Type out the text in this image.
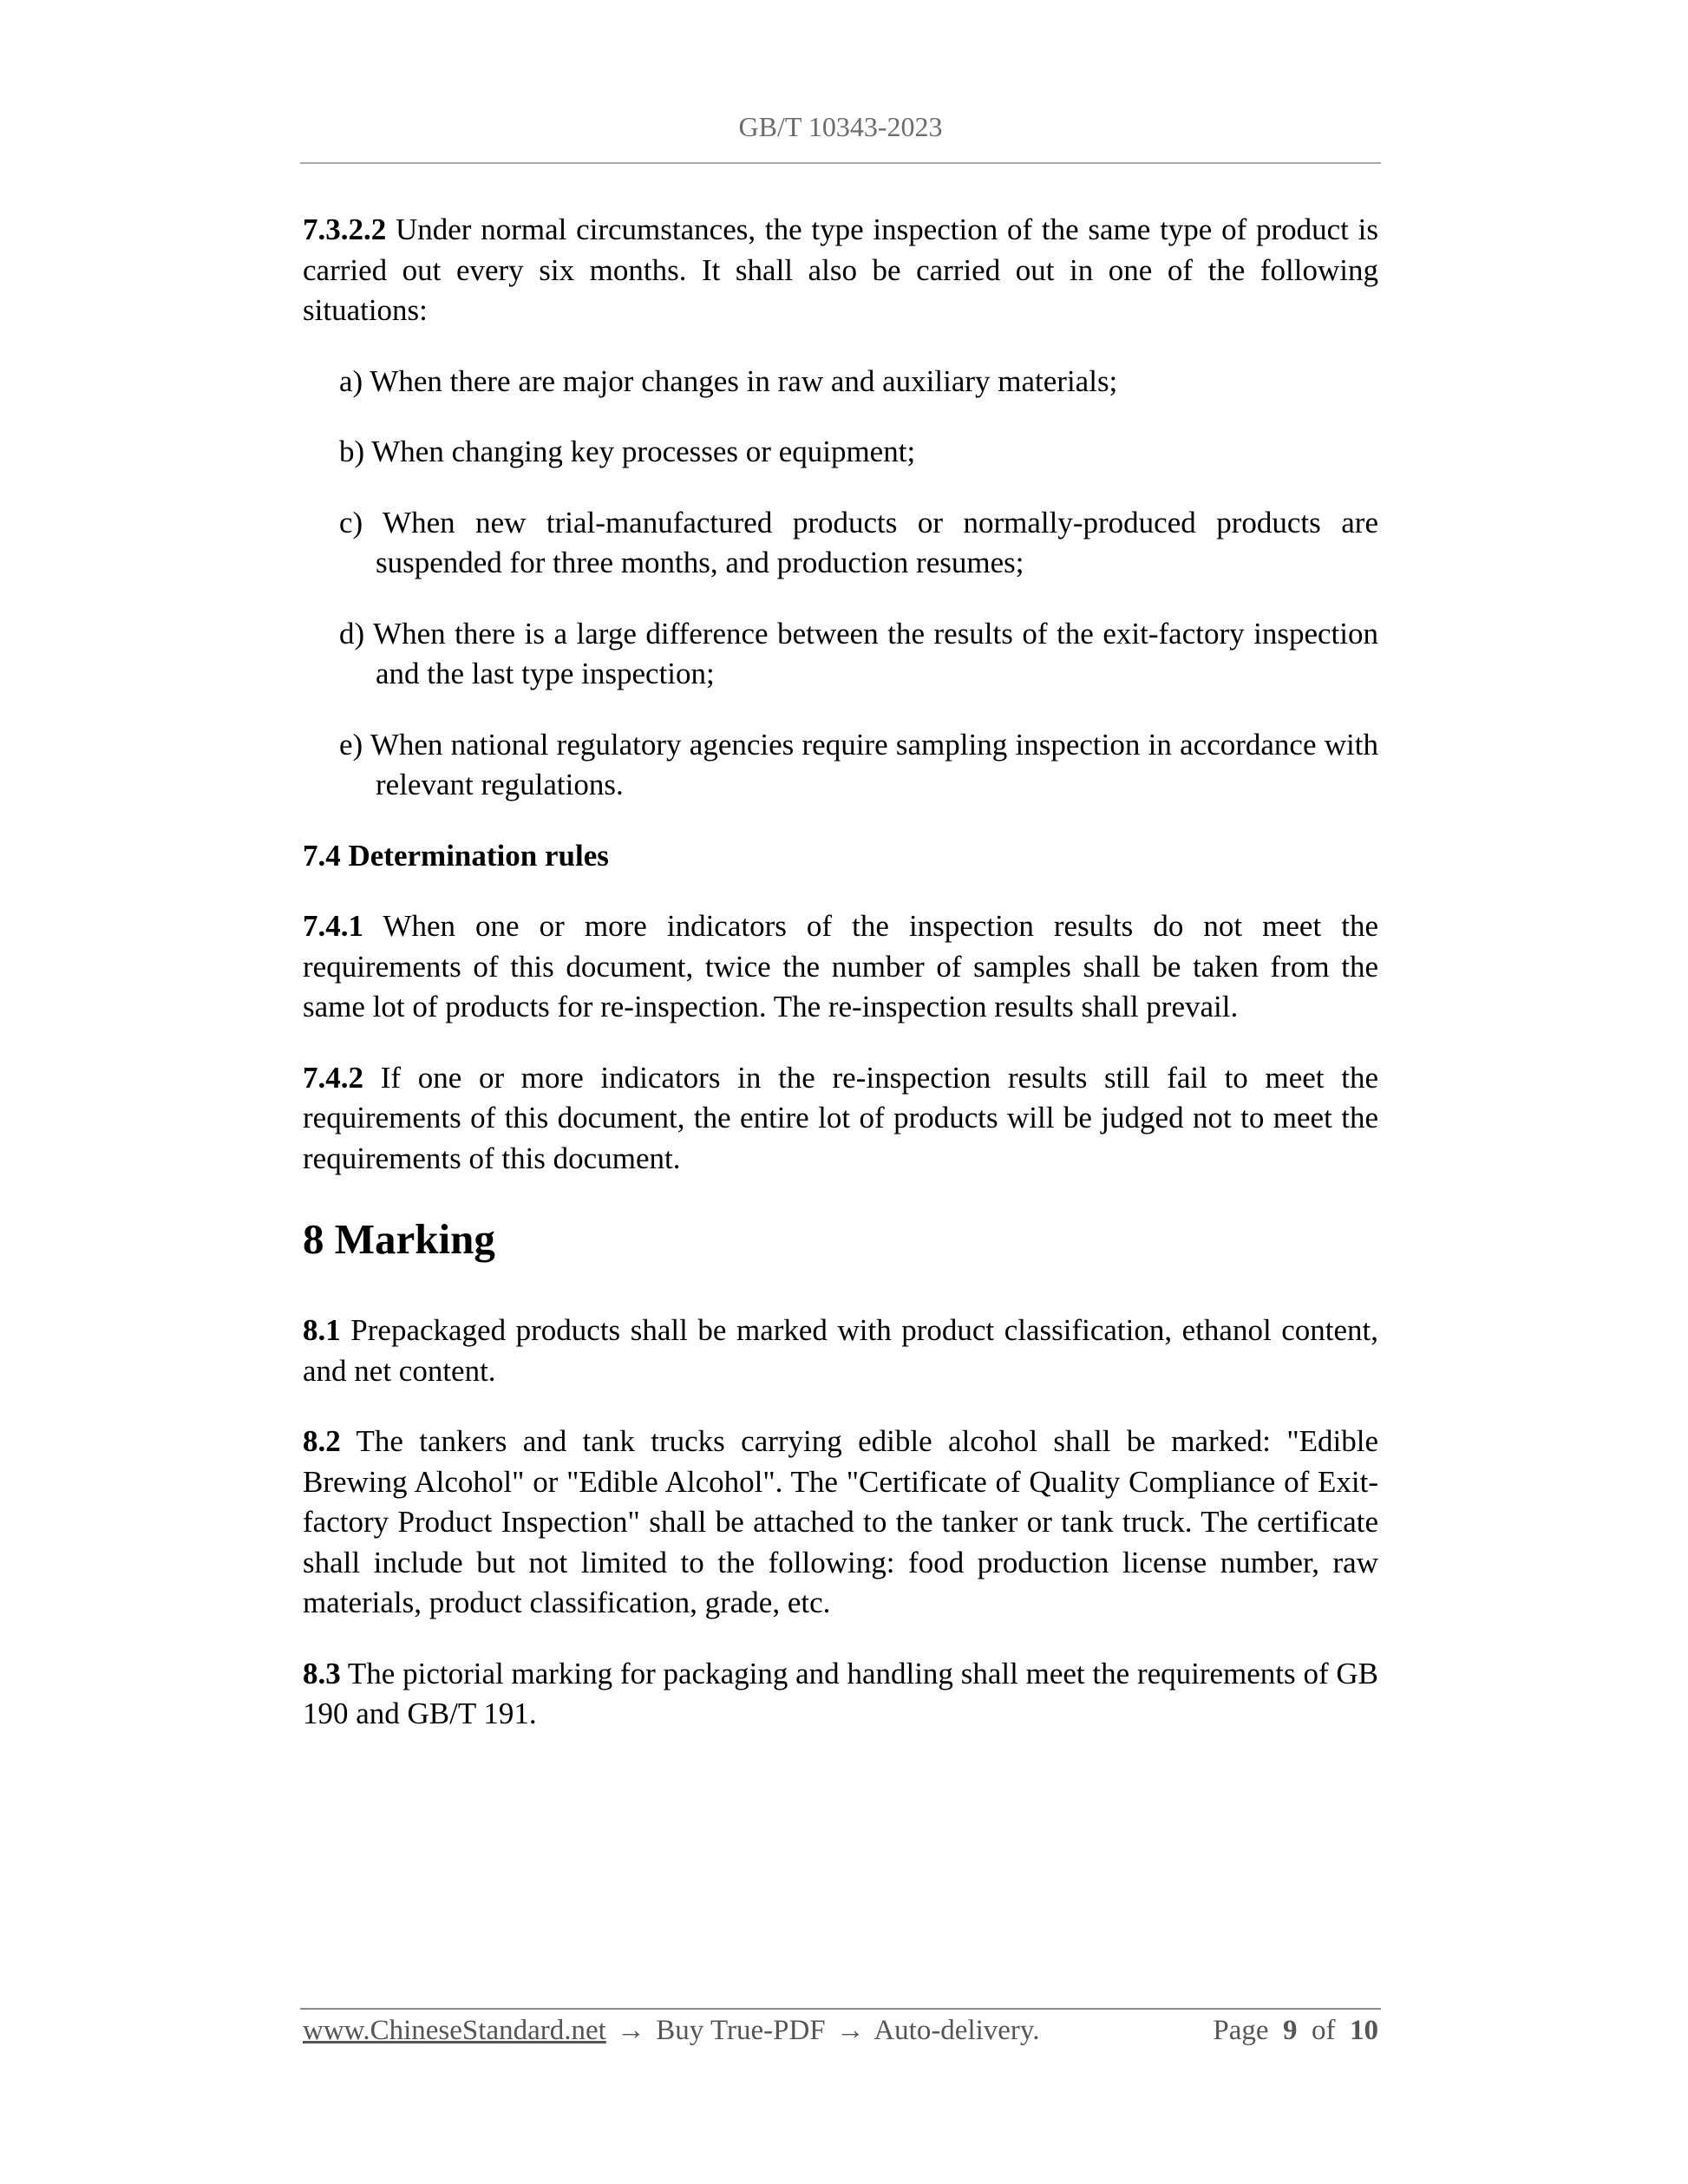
GB/T 10343-2023

7.3.2.2 Under normal circumstances, the type inspection of the same type of product is carried out every six months. It shall also be carried out in one of the following situations:

a) When there are major changes in raw and auxiliary materials;

b) When changing key processes or equipment;

c) When new trial-manufactured products or normally-produced products are suspended for three months, and production resumes;

d) When there is a large difference between the results of the exit-factory inspection and the last type inspection;

e) When national regulatory agencies require sampling inspection in accordance with relevant regulations.

7.4 Determination rules

7.4.1 When one or more indicators of the inspection results do not meet the requirements of this document, twice the number of samples shall be taken from the same lot of products for re-inspection. The re-inspection results shall prevail.

7.4.2 If one or more indicators in the re-inspection results still fail to meet the requirements of this document, the entire lot of products will be judged not to meet the requirements of this document.

8 Marking

8.1 Prepackaged products shall be marked with product classification, ethanol content, and net content.

8.2 The tankers and tank trucks carrying edible alcohol shall be marked: "Edible Brewing Alcohol" or "Edible Alcohol". The "Certificate of Quality Compliance of Exit-factory Product Inspection" shall be attached to the tanker or tank truck. The certificate shall include but not limited to the following: food production license number, raw materials, product classification, grade, etc.

8.3 The pictorial marking for packaging and handling shall meet the requirements of GB 190 and GB/T 191.

www.ChineseStandard.net → Buy True-PDF → Auto-delivery.	Page 9 of 10
